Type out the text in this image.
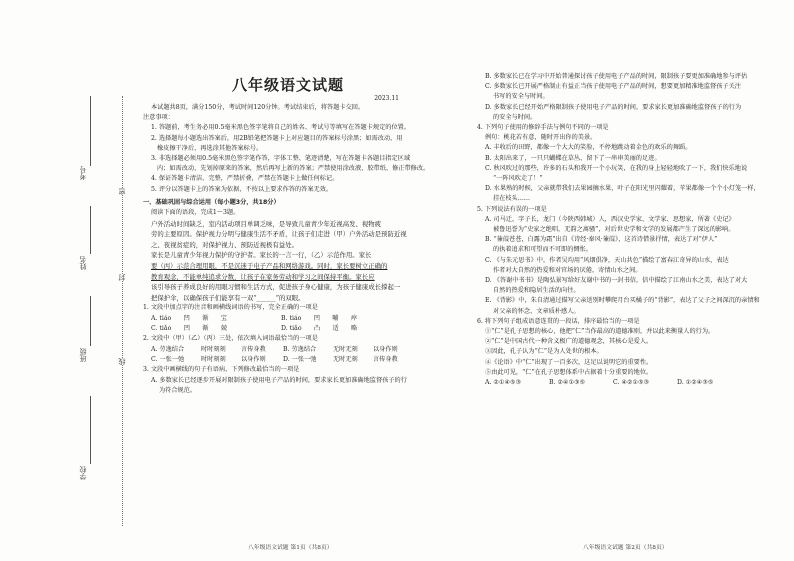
考号
密
姓名
封
班级	线
学校
八年级语文试题
2023.11
本试题共8页，满分150分，考试时间120分钟。考试结束后，将答题卡交回。
注意事项：
1. 答题前，考生务必用0.5毫米黑色签字笔将自己的姓名、考试号等填写在答题卡规定的位置。
2. 选择题每小题选出答案后，用2B铅笔把答题卡上对应题目的答案标号涂黑；如需改动，用
橡皮擦干净后，再选涂其他答案标号。
3. 非选择题必须用0.5毫米黑色签字笔作答，字体工整、笔迹清楚，写在答题卡各题目指定区域
内；如需改动，先划掉原来的答案，然后再写上新的答案；严禁使用涂改液、胶带纸、修正带修改。
4. 保证答题卡清洁、完整，严禁折叠，严禁在答题卡上做任何标记。
5. 评分以答题卡上的答案为依据，不按以上要求作答的答案无效。
一、基础巩固与综合运用（每小题3分，共18分）
阅读下面的语段，完成1～3题。
户外活动时间缺乏，室内活动项目单调乏味，是导致儿童青少年近视高发、视物疲
劳的主要原因。保护视力分明与健康生活不矛盾，让孩子们走进（甲）户外活动是预防近视
之、夜视贫症的，对保护视力、预防近视极有益处。
家长是儿童青少年视力保护的守护者。家长的一言一行，（乙）示范作用。家长
要（丙）示范合理用眼，不是沉迷于电子产品和网络游戏。同时，家长要树立正确的
教育观念，不能单纯追求分数，让孩子在家务劳动和学习之间保持平衡。家长应
该引导孩子养成良好的用眼习惯和生活方式，促进孩子身心健康，为孩子健康成长撑起一
把保护伞，以确保孩子们能享有一双“______”的双眼。
1. 文段中加点字的注音和画横线词语的书写，完全正确的一项是
A. tiáo　　凹　　渐　　宝	B. tiáo　　凹　　嘣　　瘁
C. tiǎo　　凹　　渐　　兢	D. tiǎo　　凸　　适　　略
2. 文段中（甲）（乙）（丙）三处，依次填入词语最恰当的一项是
A. 劳逸结合	时时刻刻	言传身教	B. 劳逸结合	无时无刻	以身作则
C. 一张一弛	时时刻刻	以身作则	D. 一张一弛	无时无刻	言传身教
3. 文段中画横线的句子有语病，下列修改最恰当的一项是
A. 多数家长已经逐步开展对限制孩子使用电子产品的时间，要求家长更加准确地监督孩子的行
为符合规范。
B. 多数家长已在学习中开始普通探讨孩子使用电子产品的时间，限制孩子要更加准确地参与评估
C. 多数家长已开展严格制止有益正当孩子使用电子产品的时间，想要更加精准地监督孩子关注
书写的安全与时间。
D. 多数家长已经开始严格限制孩子使用电子产品的时间，要求家长更加准确地监督孩子的行为
的安全与时间。
4. 下列句子使用的修辞手法与例句不同的一项是
例句：桃花若有意，随时开出你的美景。
A. 丰收后的田野，都像一个大大的笑脸，不停地跳动着金色的欢乐的舞蹈。
B. 太阳出来了，一只只蝴蝶在草丛、留下了一串串美丽的足迹。
C. 秋风吹过的那些，许多的石头和我开一个小玩笑，在我的身上轻轻地吹了一下，我们快乐地说
“一阵风吹走了！”
D. 水果熟的时候，父亲就带我们去果园摘水果，叶子在阳光里闪耀着，苹果都像一个个小灯笼一样，
挂在枝头……
5. 下列说法有误的一项是
A. 司马迁，字子长，龙门（今陕西韩城）人，西汉史学家、文学家、思想家，所著《史记》
被鲁迅誉为“史家之绝唱，无韵之离骚”，对后世史学和文学的发展都产生了深远的影响。
B. “蒹葭苍苍，白露为霜”出自《诗经·秦风·蒹葭》，这首诗借景抒情，表达了对“伊人”
的执着追求和可望而不可即的惆怅。
C. 《与朱元思书》中，作者吴均用“风烟俱净，天山共色”描绘了富春江奇异的山水，表达
作者对大自然的热爱和对官场的厌倦，寄情山水之间。
D. 《答谢中书书》是陶弘景写给好友谢中书的一封书信，信中描绘了江南山水之美，表达了对大
自然的热爱和隐居生活的向往。
E. 《背影》中，朱自清通过描写父亲送别时攀爬月台买橘子的“背影”，表达了父子之间深沉的亲情和
对父亲的怀念，文章质朴感人。
6. 将下列句子组成语意连贯的一段话，排序最恰当的一项是
①“仁”是孔子思想的核心，他把“仁”当作最高的道德准则，并以此来衡量人的行为。
②“仁”是中国古代一种含义极广的道德观念，其核心是爱人。
③因此，孔子认为“仁”是为人处世的根本。
④《论语》中“仁”出现了一百多次，这足以说明它的重要性。
⑤由此可见，“仁”在孔子思想体系中占据着十分重要的地位。
A. ②①④⑤③	B. ②④①③⑤	C. ④②①⑤③	D. ①②④③⑤
八年级语文试题 第1页（共8页）	八年级语文试题 第2页（共8页）
